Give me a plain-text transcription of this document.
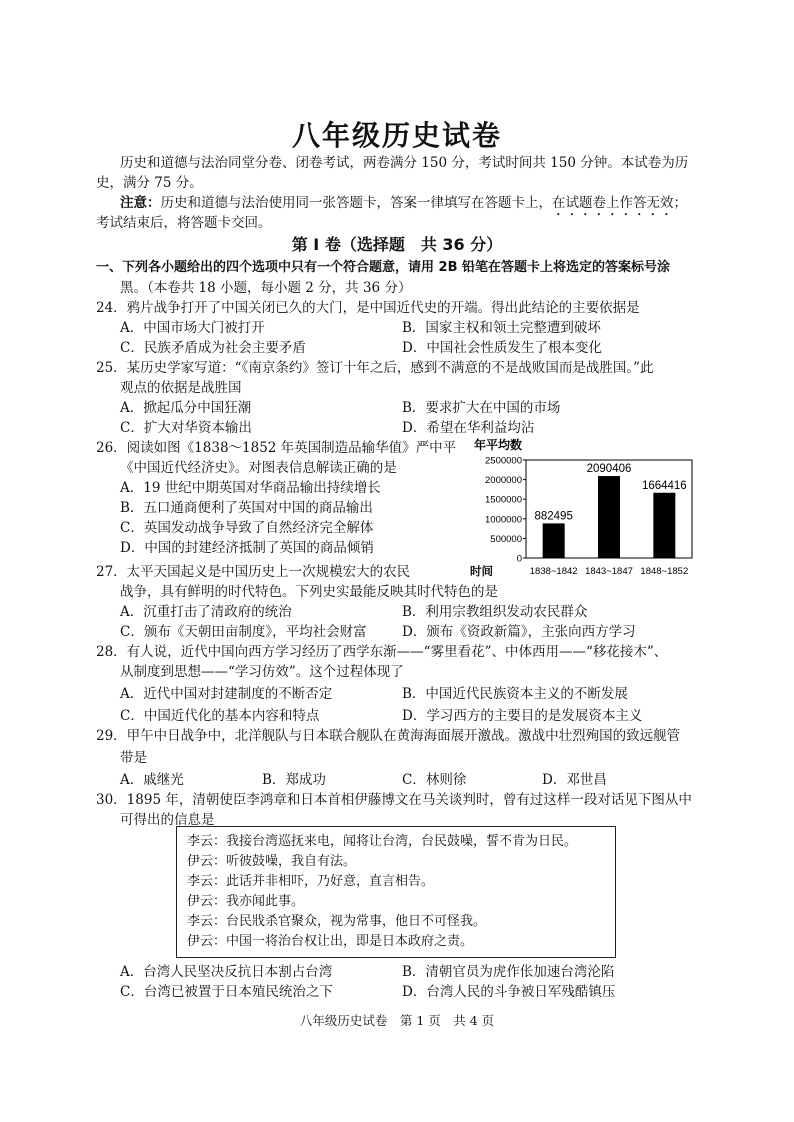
八年级历史试卷
历史和道德与法治同堂分卷、闭卷考试，两卷满分 150 分，考试时间共 150 分钟。本试卷为历
史，满分 75 分。
注意：历史和道德与法治使用同一张答题卡，答案一律填写在答题卡上，在试题卷上作答无效；
考试结束后，将答题卡交回。
第 I 卷（选择题　共 36 分）
一、下列各小题给出的四个选项中只有一个符合题意，请用 2B 铅笔在答题卡上将选定的答案标号涂
黑。（本卷共 18 小题，每小题 2 分，共 36 分）
24．鸦片战争打开了中国关闭已久的大门，是中国近代史的开端。得出此结论的主要依据是
A．中国市场大门被打开	B．国家主权和领土完整遭到破坏
C．民族矛盾成为社会主要矛盾	D．中国社会性质发生了根本变化
25．某历史学家写道：“《南京条约》签订十年之后，感到不满意的不是战败国而是战胜国。”此
观点的依据是战胜国
A．掀起瓜分中国狂潮	B．要求扩大在中国的市场
C．扩大对华资本输出	D．希望在华利益均沾
26．阅读如图《1838～1852 年英国制造品输华值》严中平
《中国近代经济史》。对图表信息解读正确的是
A．19 世纪中期英国对华商品输出持续增长
B．五口通商便利了英国对中国的商品输出
C．英国发动战争导致了自然经济完全解体
D．中国的封建经济抵制了英国的商品倾销
0
500000
1000000
1500000
2000000
2500000
年平均数
时间
882495
1838~1842
2090406
1843~1847
1664416
1848~1852
27．太平天国起义是中国历史上一次规模宏大的农民
战争，具有鲜明的时代特色。下列史实最能反映其时代特色的是
A．沉重打击了清政府的统治	B．利用宗教组织发动农民群众
C．颁布《天朝田亩制度》，平均社会财富	D．颁布《资政新篇》，主张向西方学习
28．有人说，近代中国向西方学习经历了西学东渐——“雾里看花”、中体西用——“移花接木”、
从制度到思想——“学习仿效”。这个过程体现了
A．近代中国对封建制度的不断否定	B．中国近代民族资本主义的不断发展
C．中国近代化的基本内容和特点	D．学习西方的主要目的是发展资本主义
29．甲午中日战争中，北洋舰队与日本联合舰队在黄海海面展开激战。激战中壮烈殉国的致远舰管
带是
A．戚继光	B．郑成功	C．林则徐	D．邓世昌
30．1895 年，清朝使臣李鸿章和日本首相伊藤博文在马关谈判时，曾有过这样一段对话见下图从中
可得出的信息是
李云：我接台湾巡抚来电，闻将让台湾，台民鼓噪，誓不肯为日民。
伊云：听彼鼓噪，我自有法。
李云：此话并非相吓，乃好意，直言相告。
伊云：我亦闻此事。
李云：台民戕杀官聚众，视为常事，他日不可怪我。
伊云：中国一将治台权让出，即是日本政府之责。
A．台湾人民坚决反抗日本割占台湾	B．清朝官员为虎作伥加速台湾沦陷
C．台湾已被置于日本殖民统治之下	D．台湾人民的斗争被日军残酷镇压
八年级历史试卷　第 1 页　共 4 页
